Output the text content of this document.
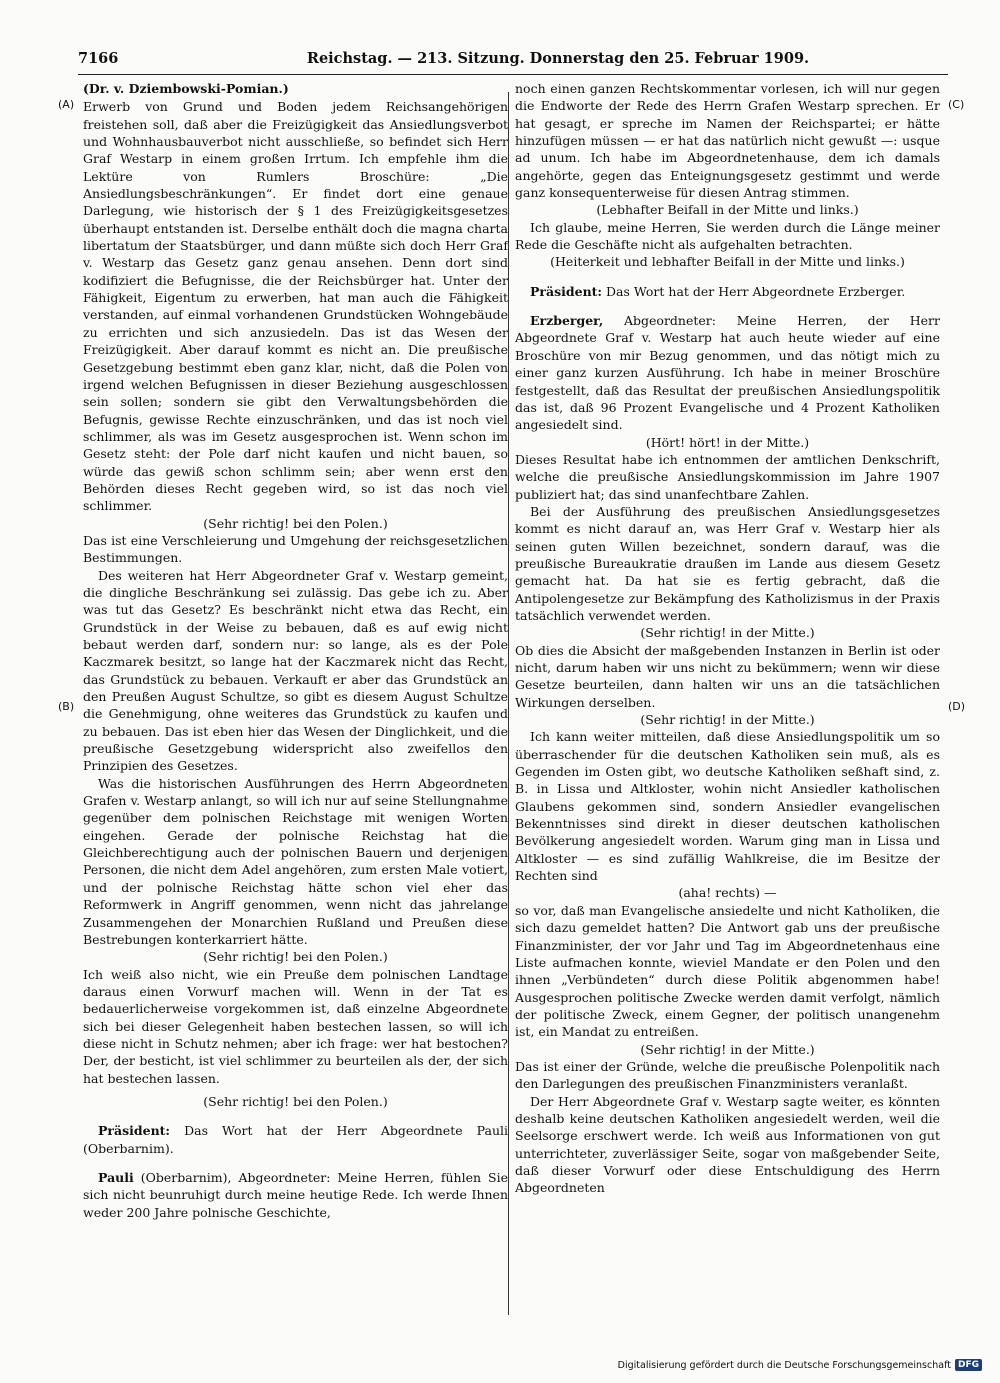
7166	Reichstag. — 213. Sitzung. Donnerstag den 25. Februar 1909.
(A)
(B)
(C)
(D)

(Dr. v. Dziembowski-Pomian.)

Erwerb von Grund und Boden jedem Reichsangehörigen freistehen soll, daß aber die Freizügigkeit das Ansiedlungsverbot und Wohnhausbauverbot nicht ausschließe, so befindet sich Herr Graf Westarp in einem großen Irrtum. Ich empfehle ihm die Lektüre von Rumlers Broschüre: „Die Ansiedlungsbeschränkungen“. Er findet dort eine genaue Darlegung, wie historisch der § 1 des Freizügigkeitsgesetzes überhaupt entstanden ist. Derselbe enthält doch die magna charta libertatum der Staatsbürger, und dann müßte sich doch Herr Graf v. Westarp das Gesetz ganz genau ansehen. Denn dort sind kodifiziert die Befugnisse, die der Reichsbürger hat. Unter der Fähigkeit, Eigentum zu erwerben, hat man auch die Fähigkeit verstanden, auf einmal vorhandenen Grundstücken Wohngebäude zu errichten und sich anzusiedeln. Das ist das Wesen der Freizügigkeit. Aber darauf kommt es nicht an. Die preußische Gesetzgebung bestimmt eben ganz klar, nicht, daß die Polen von irgend welchen Befugnissen in dieser Beziehung ausgeschlossen sein sollen; sondern sie gibt den Verwaltungsbehörden die Befugnis, gewisse Rechte einzuschränken, und das ist noch viel schlimmer, als was im Gesetz ausgesprochen ist. Wenn schon im Gesetz steht: der Pole darf nicht kaufen und nicht bauen, so würde das gewiß schon schlimm sein; aber wenn erst den Behörden dieses Recht gegeben wird, so ist das noch viel schlimmer.

(Sehr richtig! bei den Polen.)

Das ist eine Verschleierung und Umgehung der reichsgesetzlichen Bestimmungen.

Des weiteren hat Herr Abgeordneter Graf v. Westarp gemeint, die dingliche Beschränkung sei zulässig. Das gebe ich zu. Aber was tut das Gesetz? Es beschränkt nicht etwa das Recht, ein Grundstück in der Weise zu bebauen, daß es auf ewig nicht bebaut werden darf, sondern nur: so lange, als es der Pole Kaczmarek besitzt, so lange hat der Kaczmarek nicht das Recht, das Grundstück zu bebauen. Verkauft er aber das Grundstück an den Preußen August Schultze, so gibt es diesem August Schultze die Genehmigung, ohne weiteres das Grundstück zu kaufen und zu bebauen. Das ist eben hier das Wesen der Dinglichkeit, und die preußische Gesetzgebung widerspricht also zweifellos den Prinzipien des Gesetzes.

Was die historischen Ausführungen des Herrn Abgeordneten Grafen v. Westarp anlangt, so will ich nur auf seine Stellungnahme gegenüber dem polnischen Reichstage mit wenigen Worten eingehen. Gerade der polnische Reichstag hat die Gleichberechtigung auch der polnischen Bauern und derjenigen Personen, die nicht dem Adel angehören, zum ersten Male votiert, und der polnische Reichstag hätte schon viel eher das Reformwerk in Angriff genommen, wenn nicht das jahrelange Zusammengehen der Monarchien Rußland und Preußen diese Bestrebungen konterkarriert hätte.

(Sehr richtig! bei den Polen.)

Ich weiß also nicht, wie ein Preuße dem polnischen Landtage daraus einen Vorwurf machen will. Wenn in der Tat es bedauerlicherweise vorgekommen ist, daß einzelne Abgeordnete sich bei dieser Gelegenheit haben bestechen lassen, so will ich diese nicht in Schutz nehmen; aber ich frage: wer hat bestochen? Der, der besticht, ist viel schlimmer zu beurteilen als der, der sich hat bestechen lassen.

(Sehr richtig! bei den Polen.)

Präsident: Das Wort hat der Herr Abgeordnete Pauli (Oberbarnim).

Pauli (Oberbarnim), Abgeordneter: Meine Herren, fühlen Sie sich nicht beunruhigt durch meine heutige Rede. Ich werde Ihnen weder 200 Jahre polnische Geschichte,

noch einen ganzen Rechtskommentar vorlesen, ich will nur gegen die Endworte der Rede des Herrn Grafen Westarp sprechen. Er hat gesagt, er spreche im Namen der Reichspartei; er hätte hinzufügen müssen — er hat das natürlich nicht gewußt —: usque ad unum. Ich habe im Abgeordnetenhause, dem ich damals angehörte, gegen das Enteignungsgesetz gestimmt und werde ganz konsequenterweise für diesen Antrag stimmen.

(Lebhafter Beifall in der Mitte und links.)

Ich glaube, meine Herren, Sie werden durch die Länge meiner Rede die Geschäfte nicht als aufgehalten betrachten.

(Heiterkeit und lebhafter Beifall in der Mitte und links.)

Präsident: Das Wort hat der Herr Abgeordnete Erzberger.

Erzberger, Abgeordneter: Meine Herren, der Herr Abgeordnete Graf v. Westarp hat auch heute wieder auf eine Broschüre von mir Bezug genommen, und das nötigt mich zu einer ganz kurzen Ausführung. Ich habe in meiner Broschüre festgestellt, daß das Resultat der preußischen Ansiedlungspolitik das ist, daß 96 Prozent Evangelische und 4 Prozent Katholiken angesiedelt sind.

(Hört! hört! in der Mitte.)

Dieses Resultat habe ich entnommen der amtlichen Denkschrift, welche die preußische Ansiedlungskommission im Jahre 1907 publiziert hat; das sind unanfechtbare Zahlen.

Bei der Ausführung des preußischen Ansiedlungsgesetzes kommt es nicht darauf an, was Herr Graf v. Westarp hier als seinen guten Willen bezeichnet, sondern darauf, was die preußische Bureaukratie draußen im Lande aus diesem Gesetz gemacht hat. Da hat sie es fertig gebracht, daß die Antipolengesetze zur Bekämpfung des Katholizismus in der Praxis tatsächlich verwendet werden.

(Sehr richtig! in der Mitte.)

Ob dies die Absicht der maßgebenden Instanzen in Berlin ist oder nicht, darum haben wir uns nicht zu bekümmern; wenn wir diese Gesetze beurteilen, dann halten wir uns an die tatsächlichen Wirkungen derselben.

(Sehr richtig! in der Mitte.)

Ich kann weiter mitteilen, daß diese Ansiedlungspolitik um so überraschender für die deutschen Katholiken sein muß, als es Gegenden im Osten gibt, wo deutsche Katholiken seßhaft sind, z. B. in Lissa und Altkloster, wohin nicht Ansiedler katholischen Glaubens gekommen sind, sondern Ansiedler evangelischen Bekenntnisses sind direkt in dieser deutschen katholischen Bevölkerung angesiedelt worden. Warum ging man in Lissa und Altkloster — es sind zufällig Wahlkreise, die im Besitze der Rechten sind

(aha! rechts) —

so vor, daß man Evangelische ansiedelte und nicht Katholiken, die sich dazu gemeldet hatten? Die Antwort gab uns der preußische Finanzminister, der vor Jahr und Tag im Abgeordnetenhaus eine Liste aufmachen konnte, wieviel Mandate er den Polen und den ihnen „Verbündeten“ durch diese Politik abgenommen habe! Ausgesprochen politische Zwecke werden damit verfolgt, nämlich der politische Zweck, einem Gegner, der politisch unangenehm ist, ein Mandat zu entreißen.

(Sehr richtig! in der Mitte.)

Das ist einer der Gründe, welche die preußische Polenpolitik nach den Darlegungen des preußischen Finanzministers veranlaßt.

Der Herr Abgeordnete Graf v. Westarp sagte weiter, es könnten deshalb keine deutschen Katholiken angesiedelt werden, weil die Seelsorge erschwert werde. Ich weiß aus Informationen von gut unterrichteter, zuverlässiger Seite, sogar von maßgebender Seite, daß dieser Vorwurf oder diese Entschuldigung des Herrn Abgeordneten

Digitalisierung gefördert durch die Deutsche Forschungsgemeinschaft DFG
